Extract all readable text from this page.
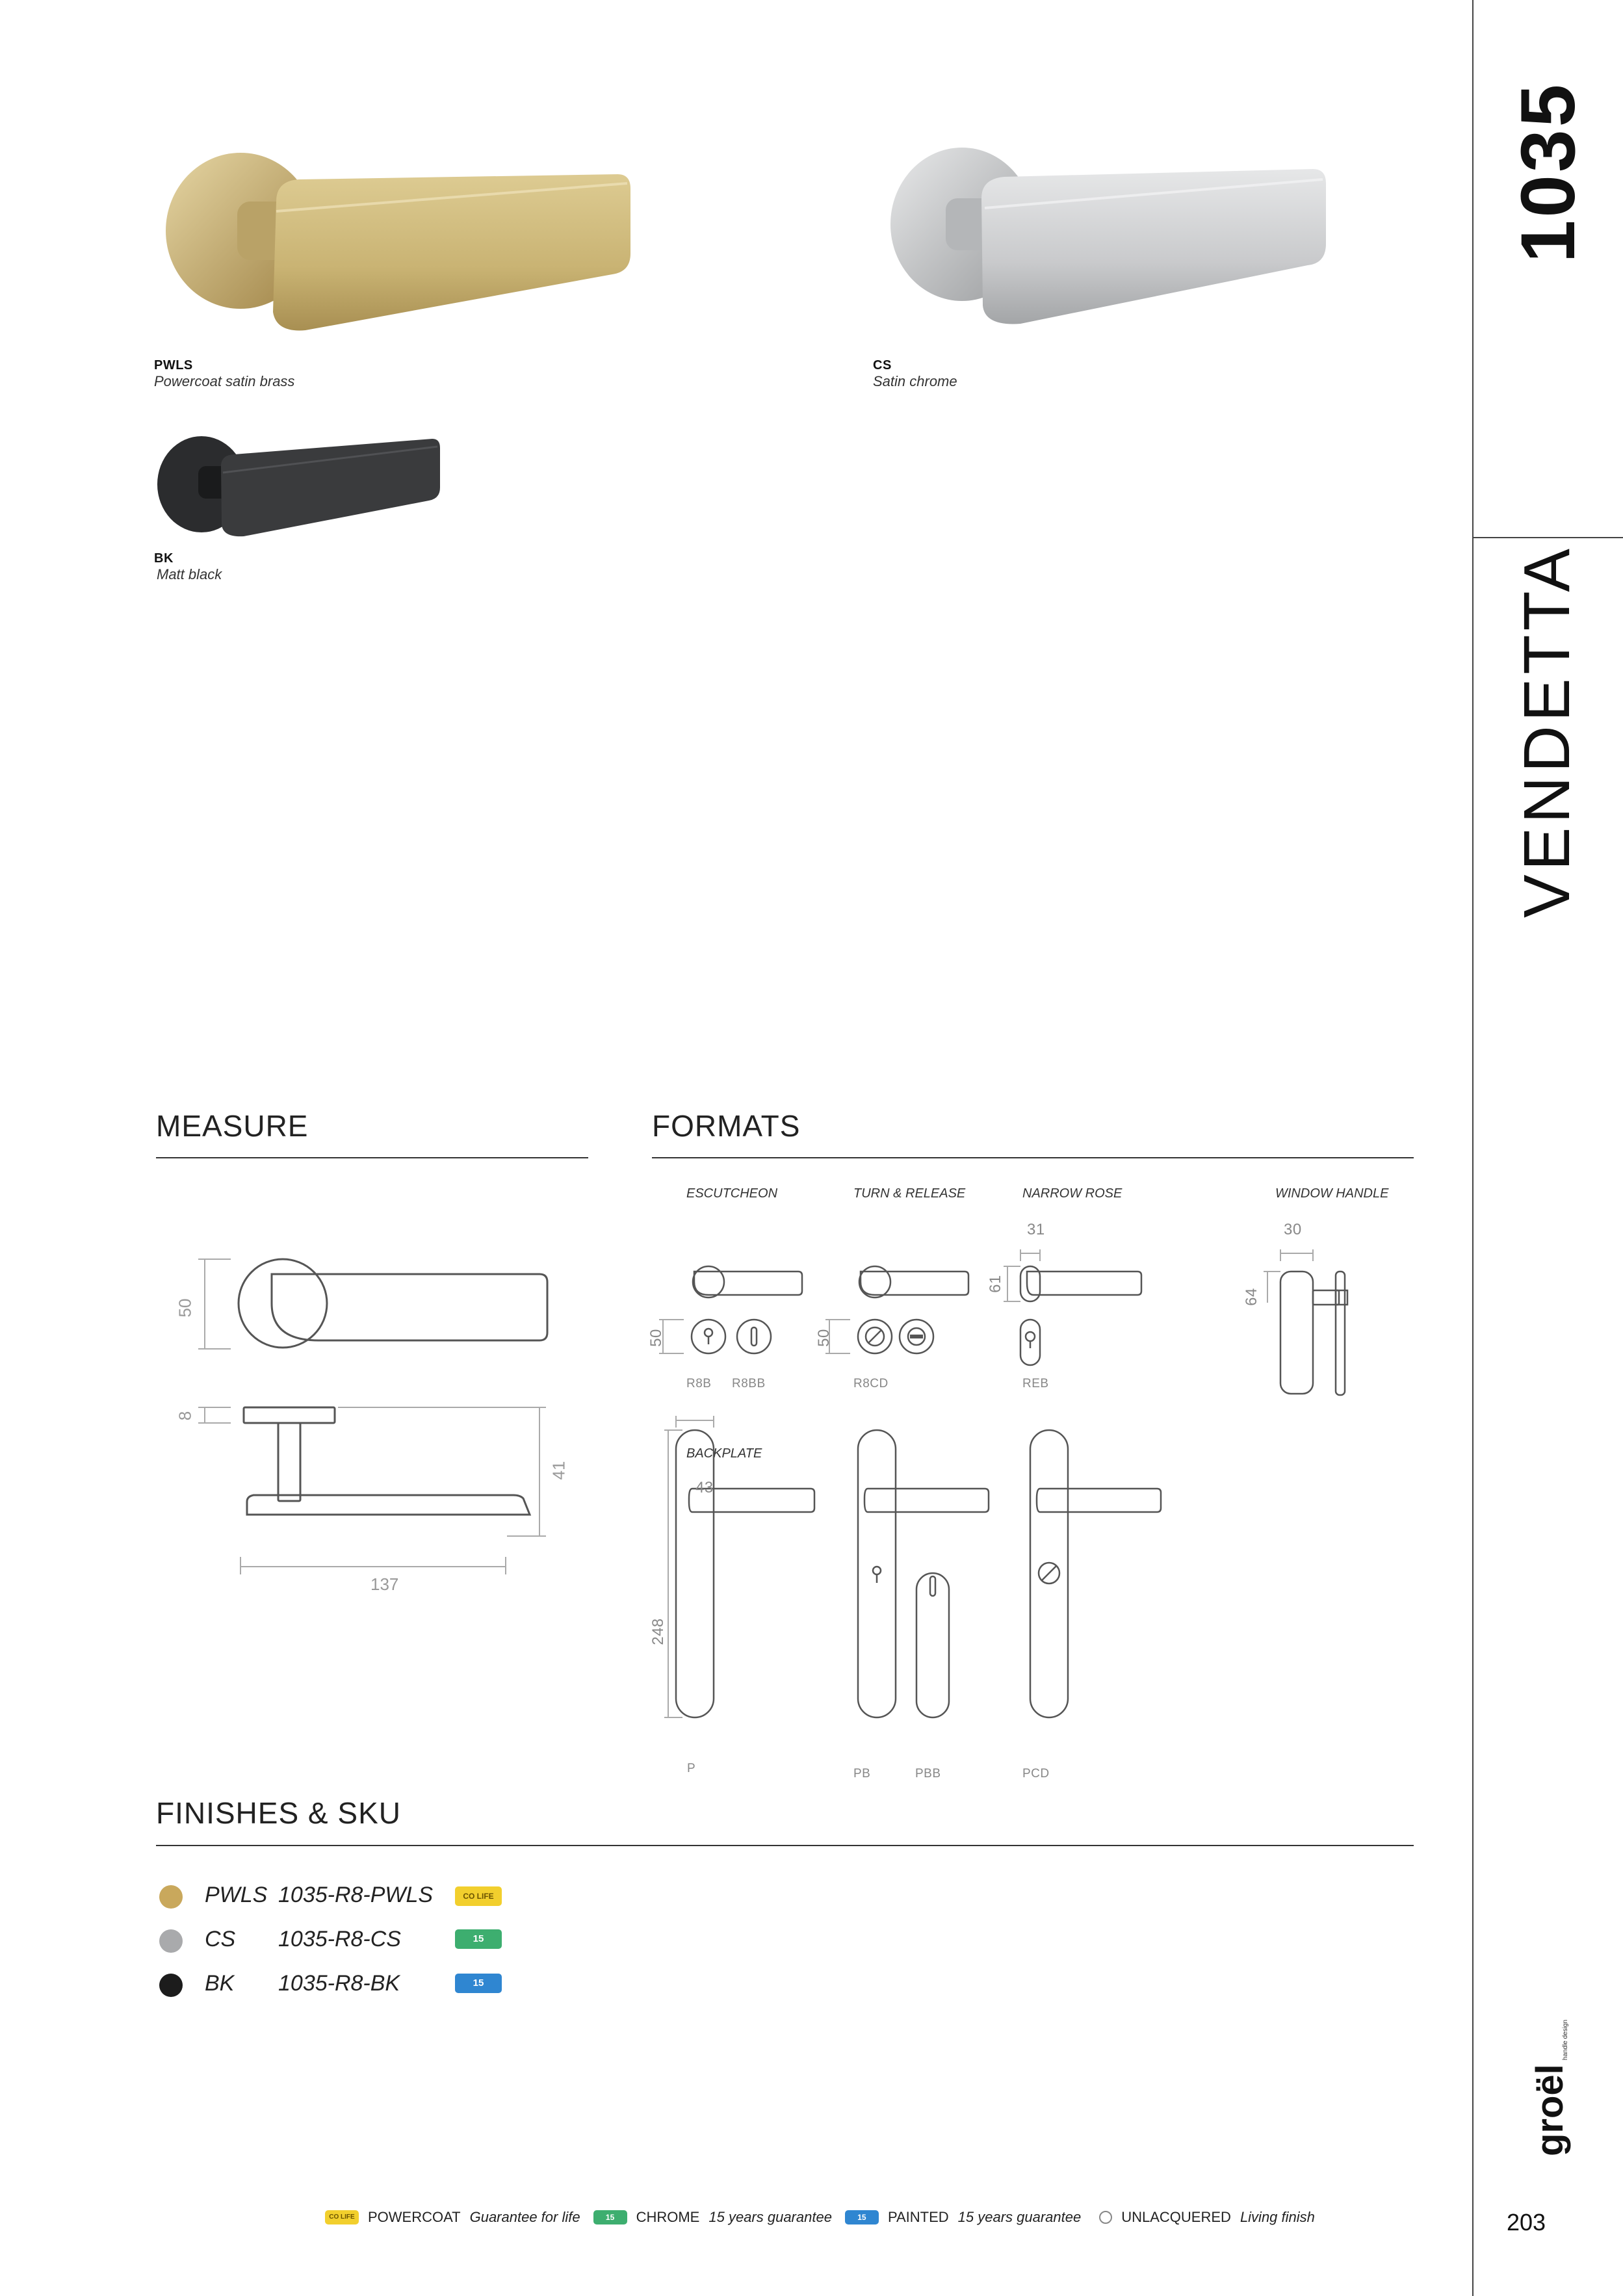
1035
VENDETTA
groël
handle design
203
PWLS
Powercoat satin brass
CS
Satin chrome
BK
Matt black
MEASURE
50
8
41
137
FORMATS
ESCUTCHEON	TURN & RELEASE	NARROW ROSE	WINDOW HANDLE
BACKPLATE
50
R8B R8BB
50
R8CD
31
61
REB
30
64
43
248
P	PB	PBB	PCD
FINISHES & SKU
PWLS 1035-R8-PWLS	CO LIFE
CS 1035-R8-CS	15
BK 1035-R8-BK	15
CO LIFE POWERCOAT Guarantee for life	15	CHROME 15 years guarantee	15	PAINTED 15 years guarantee	UNLACQUERED Living finish
